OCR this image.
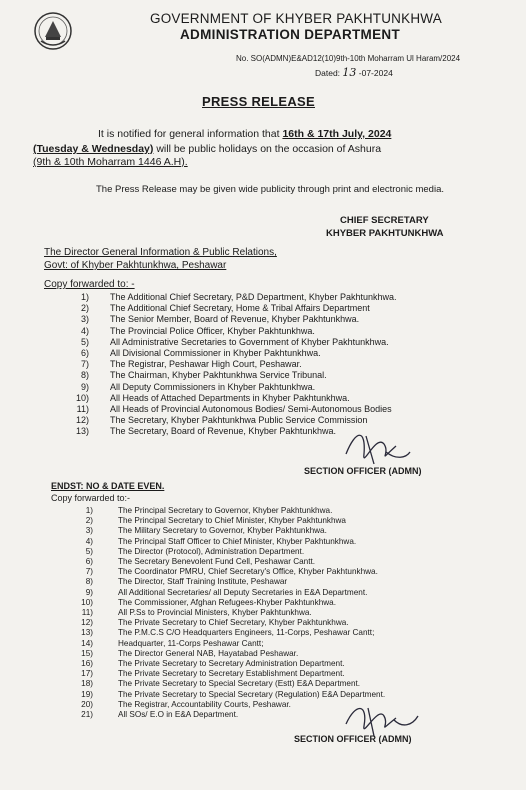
GOVERNMENT OF KHYBER PAKHTUNKHWA
ADMINISTRATION DEPARTMENT
No. SO(ADMN)E&AD12(10)9th-10th Moharram Ul Haram/2024
Dated: 13 -07-2024
PRESS RELEASE
It is notified for general information that 16th & 17th July, 2024
(Tuesday & Wednesday) will be public holidays on the occasion of Ashura
(9th & 10th Moharram 1446 A.H).
The Press Release may be given wide publicity through print and electronic media.
CHIEF SECRETARY
KHYBER PAKHTUNKHWA
The Director General Information & Public Relations,
Govt: of Khyber Pakhtunkhwa, Peshawar
Copy forwarded to: -
1) The Additional Chief Secretary, P&D Department, Khyber Pakhtunkhwa.
2) The Additional Chief Secretary, Home & Tribal Affairs Department
3) The Senior Member, Board of Revenue, Khyber Pakhtunkhwa.
4) The Provincial Police Officer, Khyber Pakhtunkhwa.
5) All Administrative Secretaries to Government of Khyber Pakhtunkhwa.
6) All Divisional Commissioner in Khyber Pakhtunkhwa.
7) The Registrar, Peshawar High Court, Peshawar.
8) The Chairman, Khyber Pakhtunkhwa Service Tribunal.
9) All Deputy Commissioners in Khyber Pakhtunkhwa.
10) All Heads of Attached Departments in Khyber Pakhtunkhwa.
11) All Heads of Provincial Autonomous Bodies/ Semi-Autonomous Bodies
12) The Secretary, Khyber Pakhtunkhwa Public Service Commission
13) The Secretary, Board of Revenue, Khyber Pakhtunkhwa.
SECTION OFFICER (ADMN)
ENDST: NO & DATE EVEN.
Copy forwarded to:-
1)	The Principal Secretary to Governor, Khyber Pakhtunkhwa.
2)	The Principal Secretary to Chief Minister, Khyber Pakhtunkhwa
3)	The Military Secretary to Governor, Khyber Pakhtunkhwa.
4)	The Principal Staff Officer to Chief Minister, Khyber Pakhtunkhwa.
5)	The Director (Protocol), Administration Department.
6)	The Secretary Benevolent Fund Cell, Peshawar Cantt.
7)	The Coordinator PMRU, Chief Secretary's Office, Khyber Pakhtunkhwa.
8)	The Director, Staff Training Institute, Peshawar
9)	All Additional Secretaries/ all Deputy Secretaries in E&A Department.
10)	The Commissioner, Afghan Refugees-Khyber Pakhtunkhwa.
11)	All P.Ss to Provincial Ministers, Khyber Pakhtunkhwa.
12)	The Private Secretary to Chief Secretary, Khyber Pakhtunkhwa.
13)	The P.M.C.S C/O Headquarters Engineers, 11-Corps, Peshawar Cantt;
14)	Headquarter, 11-Corps Peshawar Cantt;
15)	The Director General NAB, Hayatabad Peshawar.
16)	The Private Secretary to Secretary Administration Department.
17)	The Private Secretary to Secretary Establishment Department.
18)	The Private Secretary to Special Secretary (Estt) E&A Department.
19)	The Private Secretary to Special Secretary (Regulation) E&A Department.
20)	The Registrar, Accountability Courts, Peshawar.
21)	All SOs/ E.O in E&A Department.
SECTION OFFICER (ADMN)
